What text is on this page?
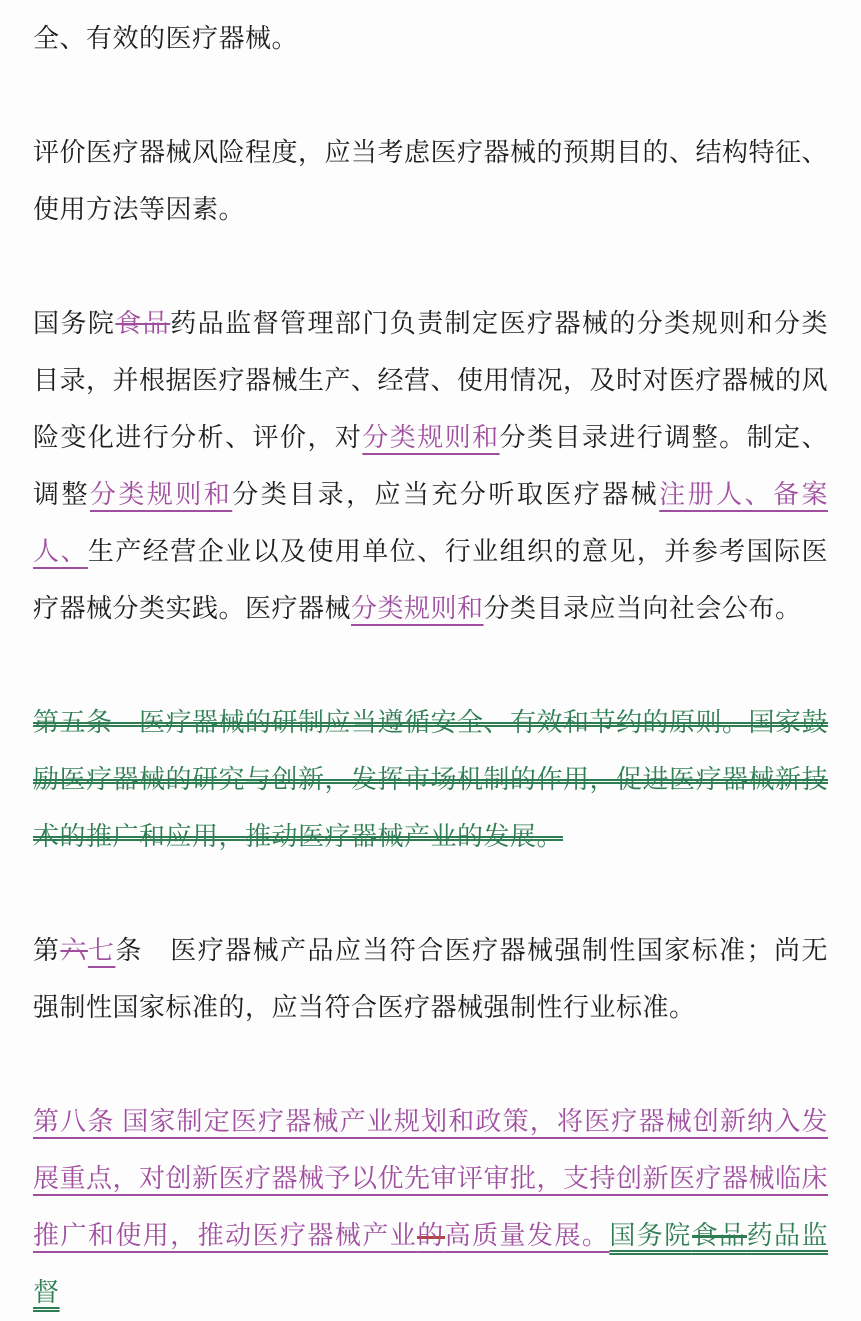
全、有效的医疗器械。

评价医疗器械风险程度，应当考虑医疗器械的预期目的、结构特征、使用方法等因素。

国务院食品药品监督管理部门负责制定医疗器械的分类规则和分类目录，并根据医疗器械生产、经营、使用情况，及时对医疗器械的风险变化进行分析、评价，对分类规则和分类目录进行调整。制定、调整分类规则和分类目录，应当充分听取医疗器械注册人、备案人、生产经营企业以及使用单位、行业组织的意见，并参考国际医疗器械分类实践。医疗器械分类规则和分类目录应当向社会公布。

第五条　医疗器械的研制应当遵循安全、有效和节约的原则。国家鼓励医疗器械的研究与创新，发挥市场机制的作用，促进医疗器械新技术的推广和应用，推动医疗器械产业的发展。

第六七条　医疗器械产品应当符合医疗器械强制性国家标准；尚无强制性国家标准的，应当符合医疗器械强制性行业标准。

第八条 国家制定医疗器械产业规划和政策，将医疗器械创新纳入发展重点，对创新医疗器械予以优先审评审批，支持创新医疗器械临床推广和使用，推动医疗器械产业的高质量发展。国务院食品药品监督
